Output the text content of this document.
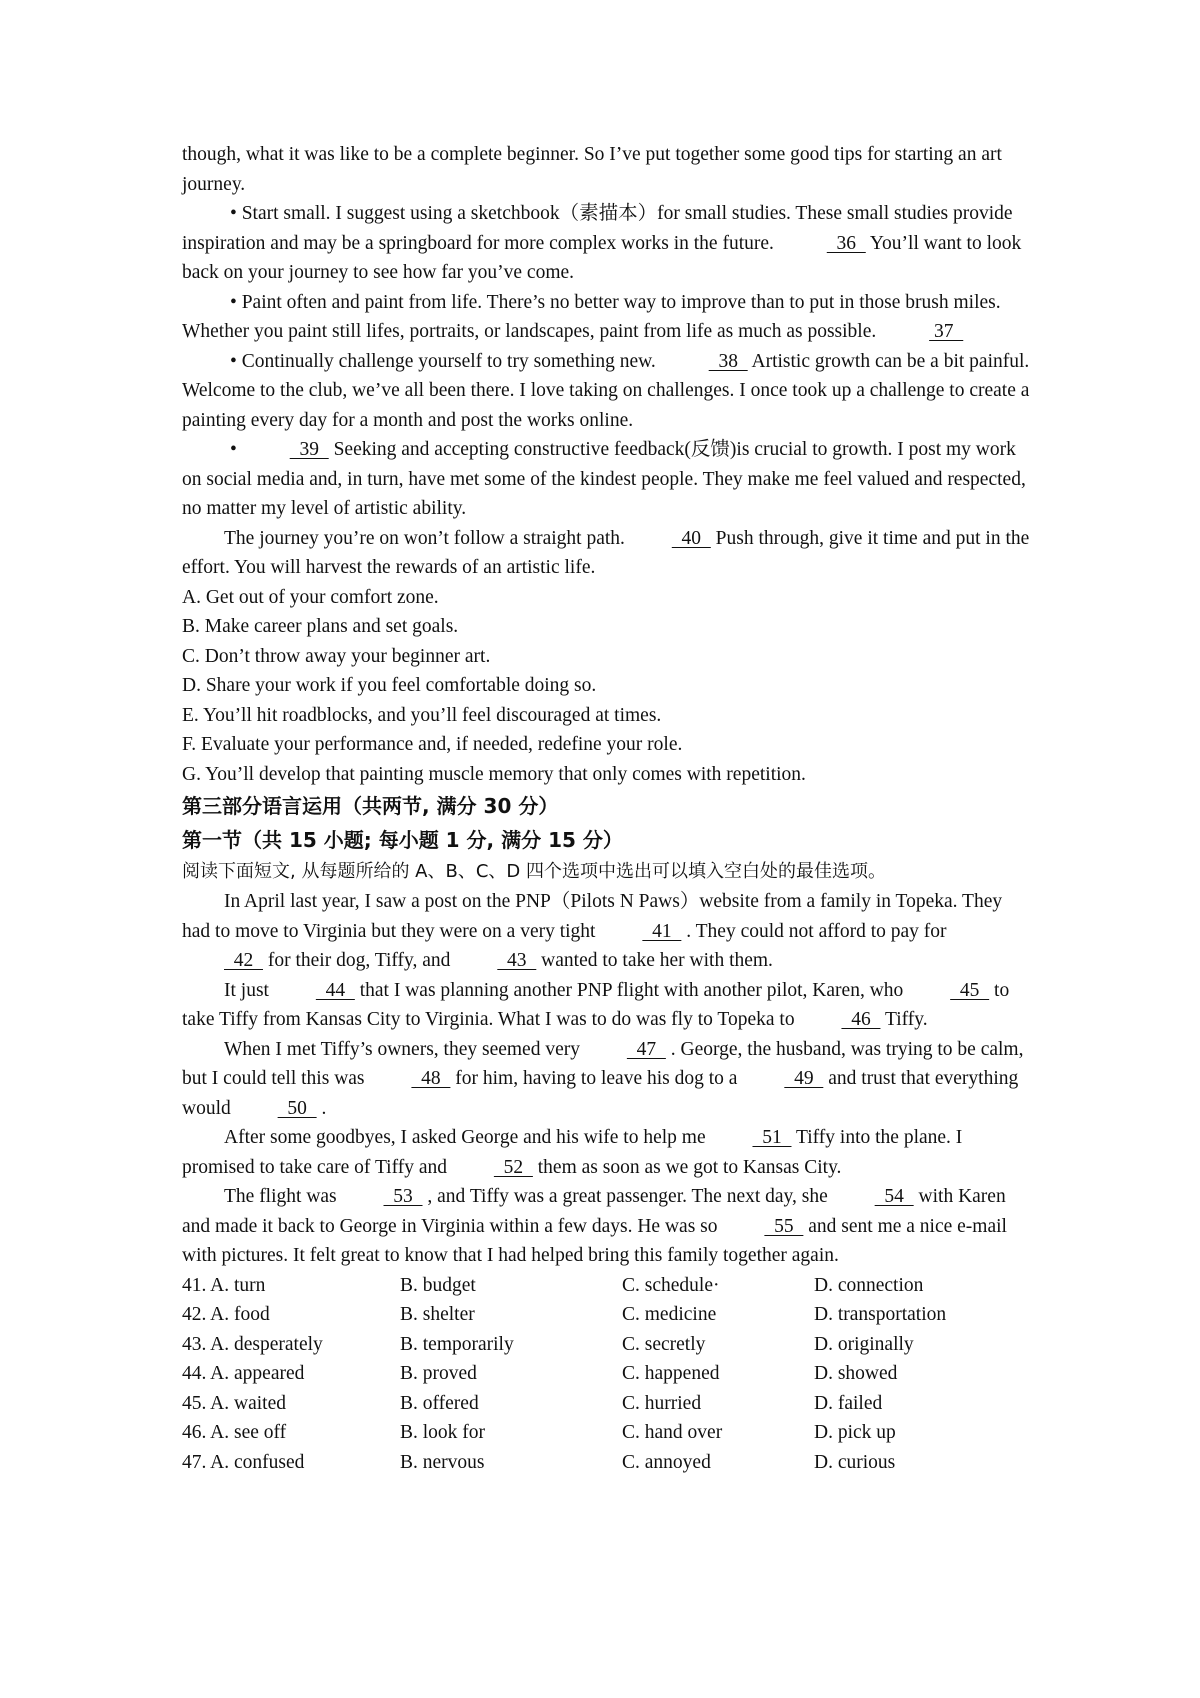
though, what it was like to be a complete beginner. So I’ve put together some good tips for starting an art journey.

• Start small. I suggest using a sketchbook（素描本）for small studies. These small studies provide inspiration and may be a springboard for more complex works in the future.   36   You’ll want to look back on your journey to see how far you’ve come.

• Paint often and paint from life. There’s no better way to improve than to put in those brush miles. Whether you paint still lifes, portraits, or landscapes, paint from life as much as possible.  37

• Continually challenge yourself to try something new.   38   Artistic growth can be a bit painful. Welcome to the club, we’ve all been there. I love taking on challenges. I once took up a challenge to create a painting every day for a month and post the works online.

•   39   Seeking and accepting constructive feedback(反馈)is crucial to growth. I post my work on social media and, in turn, have met some of the kindest people. They make me feel valued and respected, no matter my level of artistic ability.

The journey you’re on won’t follow a straight path.   40   Push through, give it time and put in the effort. You will harvest the rewards of an artistic life.

A. Get out of your comfort zone.

B. Make career plans and set goals.

C. Don’t throw away your beginner art.

D. Share your work if you feel comfortable doing so.

E. You’ll hit roadblocks, and you’ll feel discouraged at times.

F. Evaluate your performance and, if needed, redefine your role.

G. You’ll develop that painting muscle memory that only comes with repetition.

第三部分语言运用（共两节, 满分 30 分）

第一节（共 15 小题; 每小题 1 分, 满分 15 分）

阅读下面短文, 从每题所给的 A、B、C、D 四个选项中选出可以填入空白处的最佳选项。

In April last year, I saw a post on the PNP（Pilots N Paws）website from a family in Topeka. They had to move to Virginia but they were on a very tight   41   . They could not afford to pay for   42   for their dog, Tiffy, and   43   wanted to take her with them.

It just   44   that I was planning another PNP flight with another pilot, Karen, who   45   to take Tiffy from Kansas City to Virginia. What I was to do was fly to Topeka to   46   Tiffy.

When I met Tiffy’s owners, they seemed very   47   . George, the husband, was trying to be calm, but I could tell this was   48   for him, having to leave his dog to a   49   and trust that everything would   50   .

After some goodbyes, I asked George and his wife to help me   51   Tiffy into the plane. I promised to take care of Tiffy and   52   them as soon as we got to Kansas City.

The flight was   53   , and Tiffy was a great passenger. The next day, she   54   with Karen and made it back to George in Virginia within a few days. He was so   55   and sent me a nice e-mail with pictures. It felt great to know that I had helped bring this family together again.

41. A. turn	B. budget	C. schedule·	D. connection
42. A. food	B. shelter	C. medicine	D. transportation
43. A. desperately	B. temporarily	C. secretly	D. originally
44. A. appeared	B. proved	C. happened	D. showed
45. A. waited	B. offered	C. hurried	D. failed
46. A. see off	B. look for	C. hand over	D. pick up
47. A. confused	B. nervous	C. annoyed	D. curious
